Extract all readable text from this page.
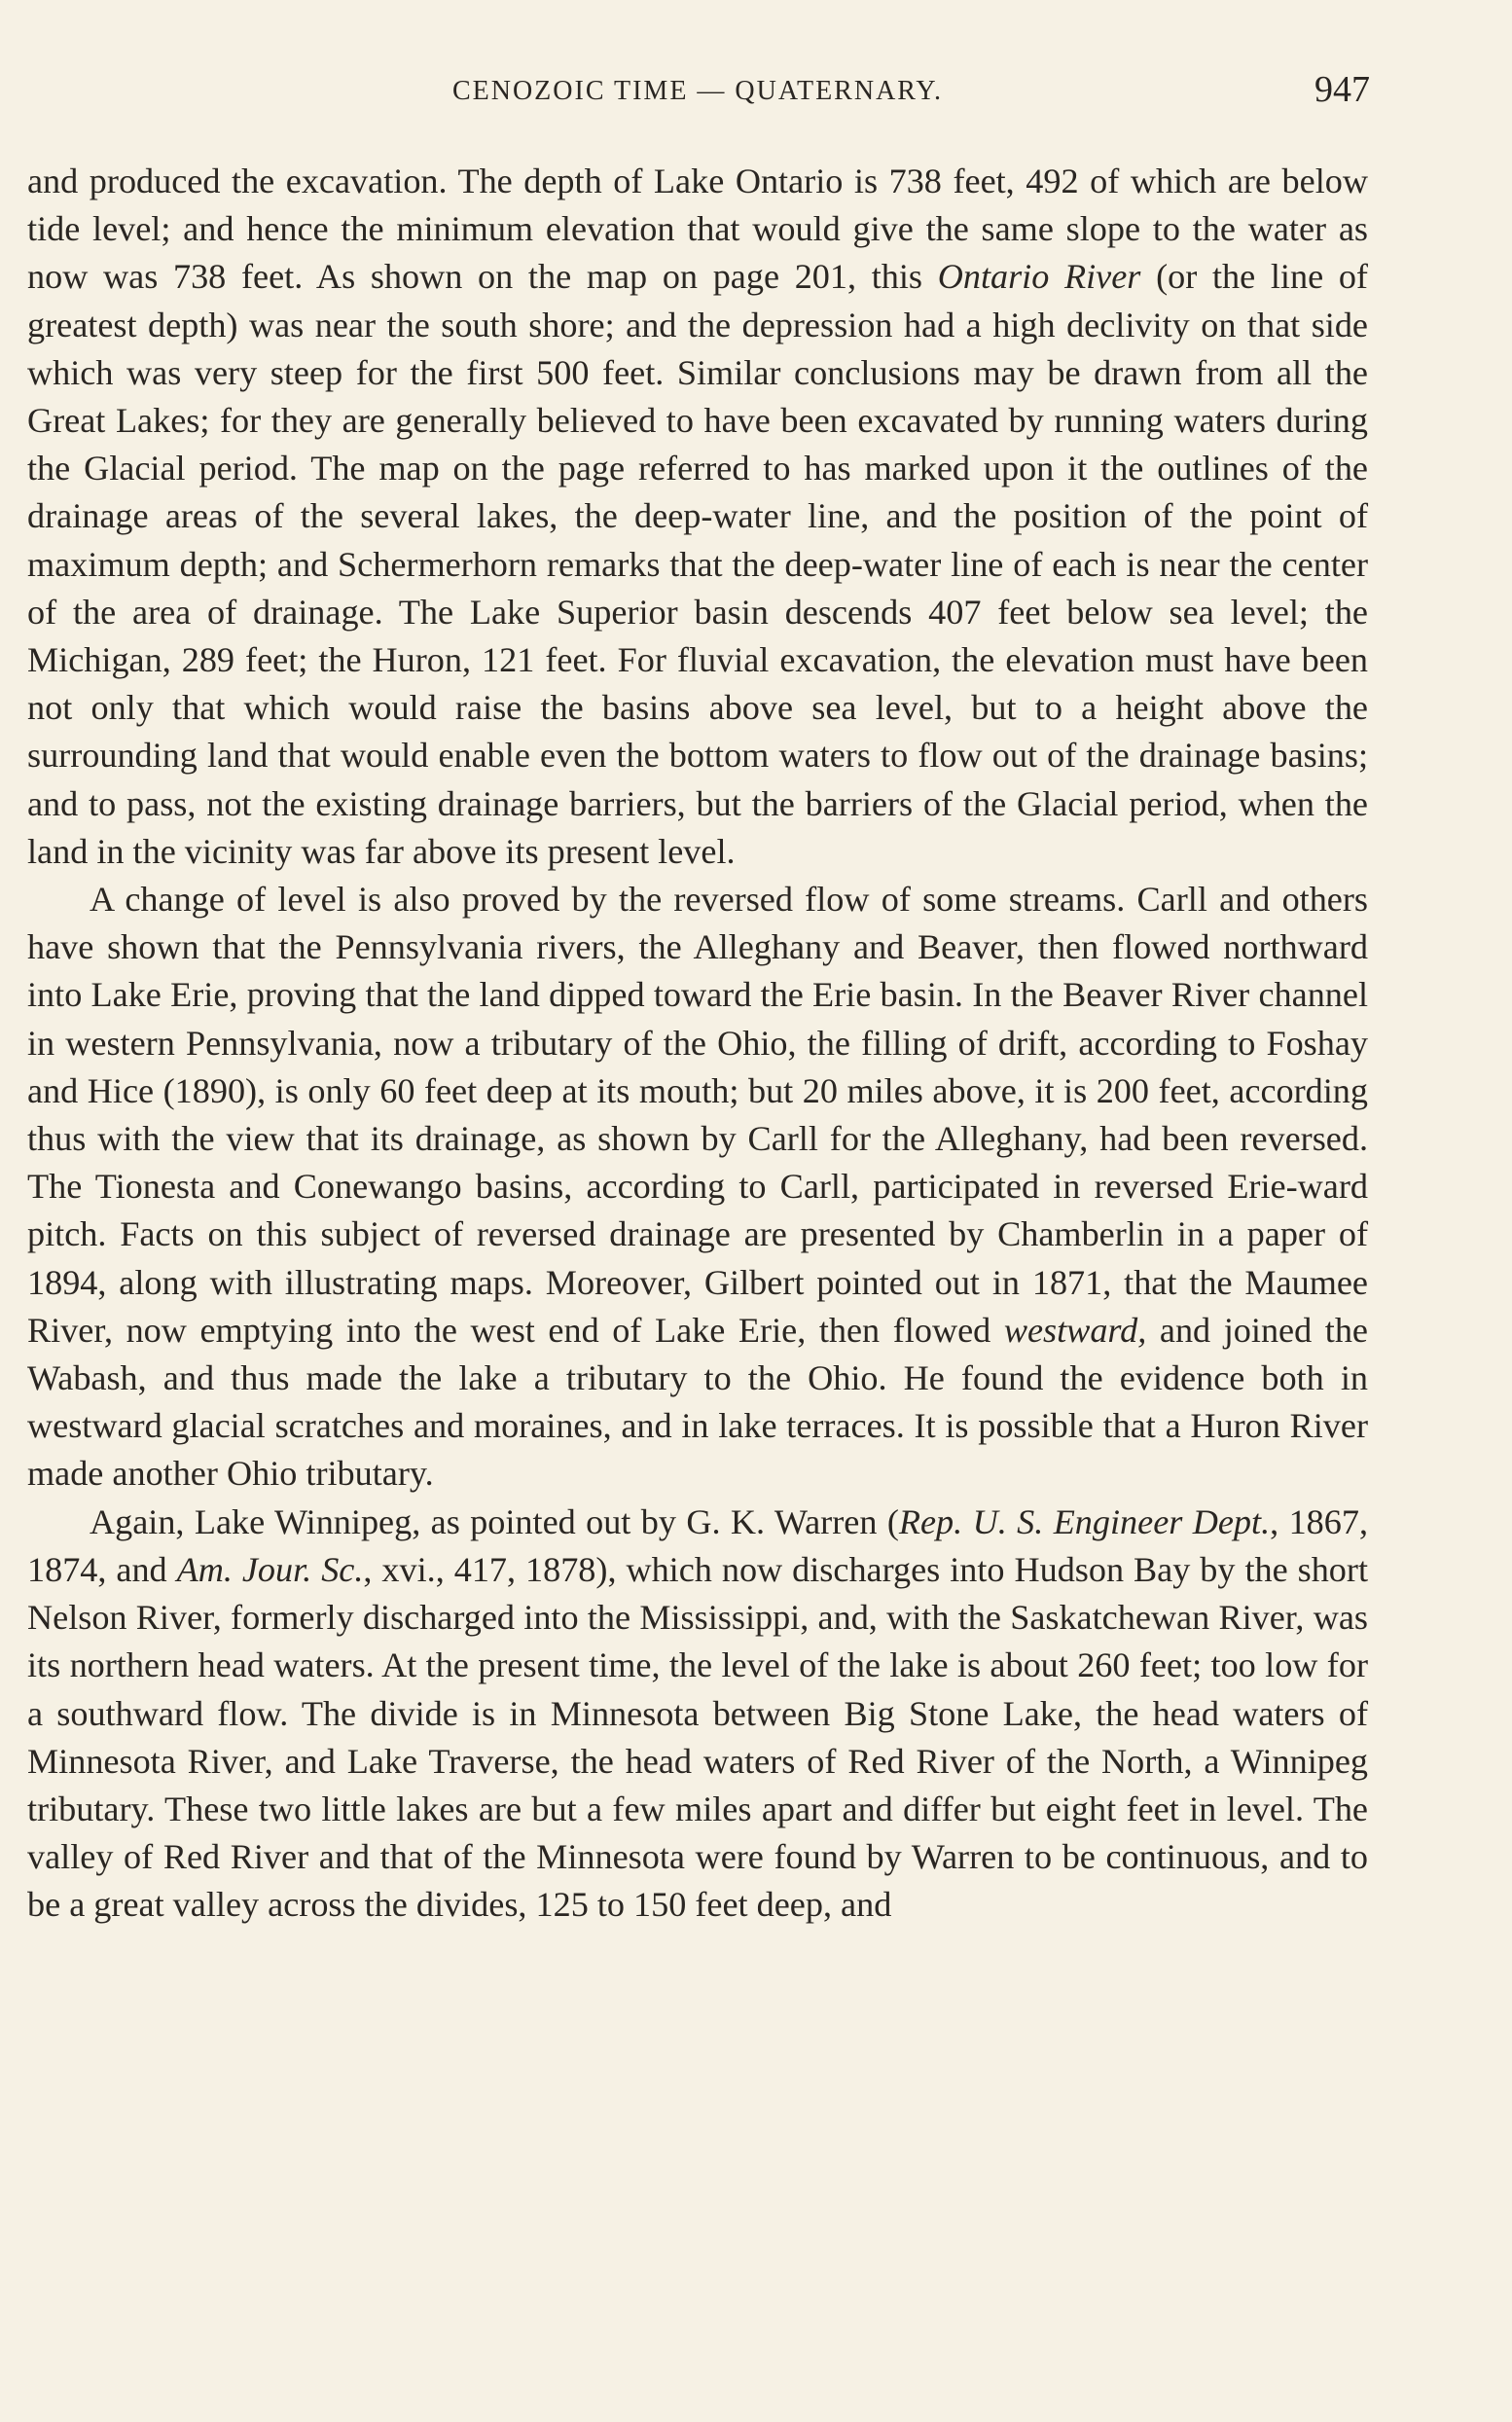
CENOZOIC TIME — QUATERNARY.	947

and produced the excavation. The depth of Lake Ontario is 738 feet, 492 of which are below tide level; and hence the minimum elevation that would give the same slope to the water as now was 738 feet. As shown on the map on page 201, this Ontario River (or the line of greatest depth) was near the south shore; and the depression had a high declivity on that side which was very steep for the first 500 feet. Similar conclusions may be drawn from all the Great Lakes; for they are generally believed to have been excavated by running waters during the Glacial period. The map on the page referred to has marked upon it the outlines of the drainage areas of the several lakes, the deep-water line, and the position of the point of maximum depth; and Schermerhorn remarks that the deep-water line of each is near the center of the area of drainage. The Lake Superior basin descends 407 feet below sea level; the Michigan, 289 feet; the Huron, 121 feet. For fluvial excavation, the elevation must have been not only that which would raise the basins above sea level, but to a height above the surrounding land that would enable even the bottom waters to flow out of the drainage basins; and to pass, not the existing drainage barriers, but the barriers of the Glacial period, when the land in the vicinity was far above its present level.

A change of level is also proved by the reversed flow of some streams. Carll and others have shown that the Pennsylvania rivers, the Alleghany and Beaver, then flowed northward into Lake Erie, proving that the land dipped toward the Erie basin. In the Beaver River channel in western Pennsylvania, now a tributary of the Ohio, the filling of drift, according to Foshay and Hice (1890), is only 60 feet deep at its mouth; but 20 miles above, it is 200 feet, according thus with the view that its drainage, as shown by Carll for the Alleghany, had been reversed. The Tionesta and Conewango basins, according to Carll, participated in reversed Erie-ward pitch. Facts on this subject of reversed drainage are presented by Chamberlin in a paper of 1894, along with illustrating maps. Moreover, Gilbert pointed out in 1871, that the Maumee River, now emptying into the west end of Lake Erie, then flowed westward, and joined the Wabash, and thus made the lake a tributary to the Ohio. He found the evidence both in westward glacial scratches and moraines, and in lake terraces. It is possible that a Huron River made another Ohio tributary.

Again, Lake Winnipeg, as pointed out by G. K. Warren (Rep. U. S. Engineer Dept., 1867, 1874, and Am. Jour. Sc., xvi., 417, 1878), which now discharges into Hudson Bay by the short Nelson River, formerly discharged into the Mississippi, and, with the Saskatchewan River, was its northern head waters. At the present time, the level of the lake is about 260 feet; too low for a southward flow. The divide is in Minnesota between Big Stone Lake, the head waters of Minnesota River, and Lake Traverse, the head waters of Red River of the North, a Winnipeg tributary. These two little lakes are but a few miles apart and differ but eight feet in level. The valley of Red River and that of the Minnesota were found by Warren to be continuous, and to be a great valley across the divides, 125 to 150 feet deep, and
